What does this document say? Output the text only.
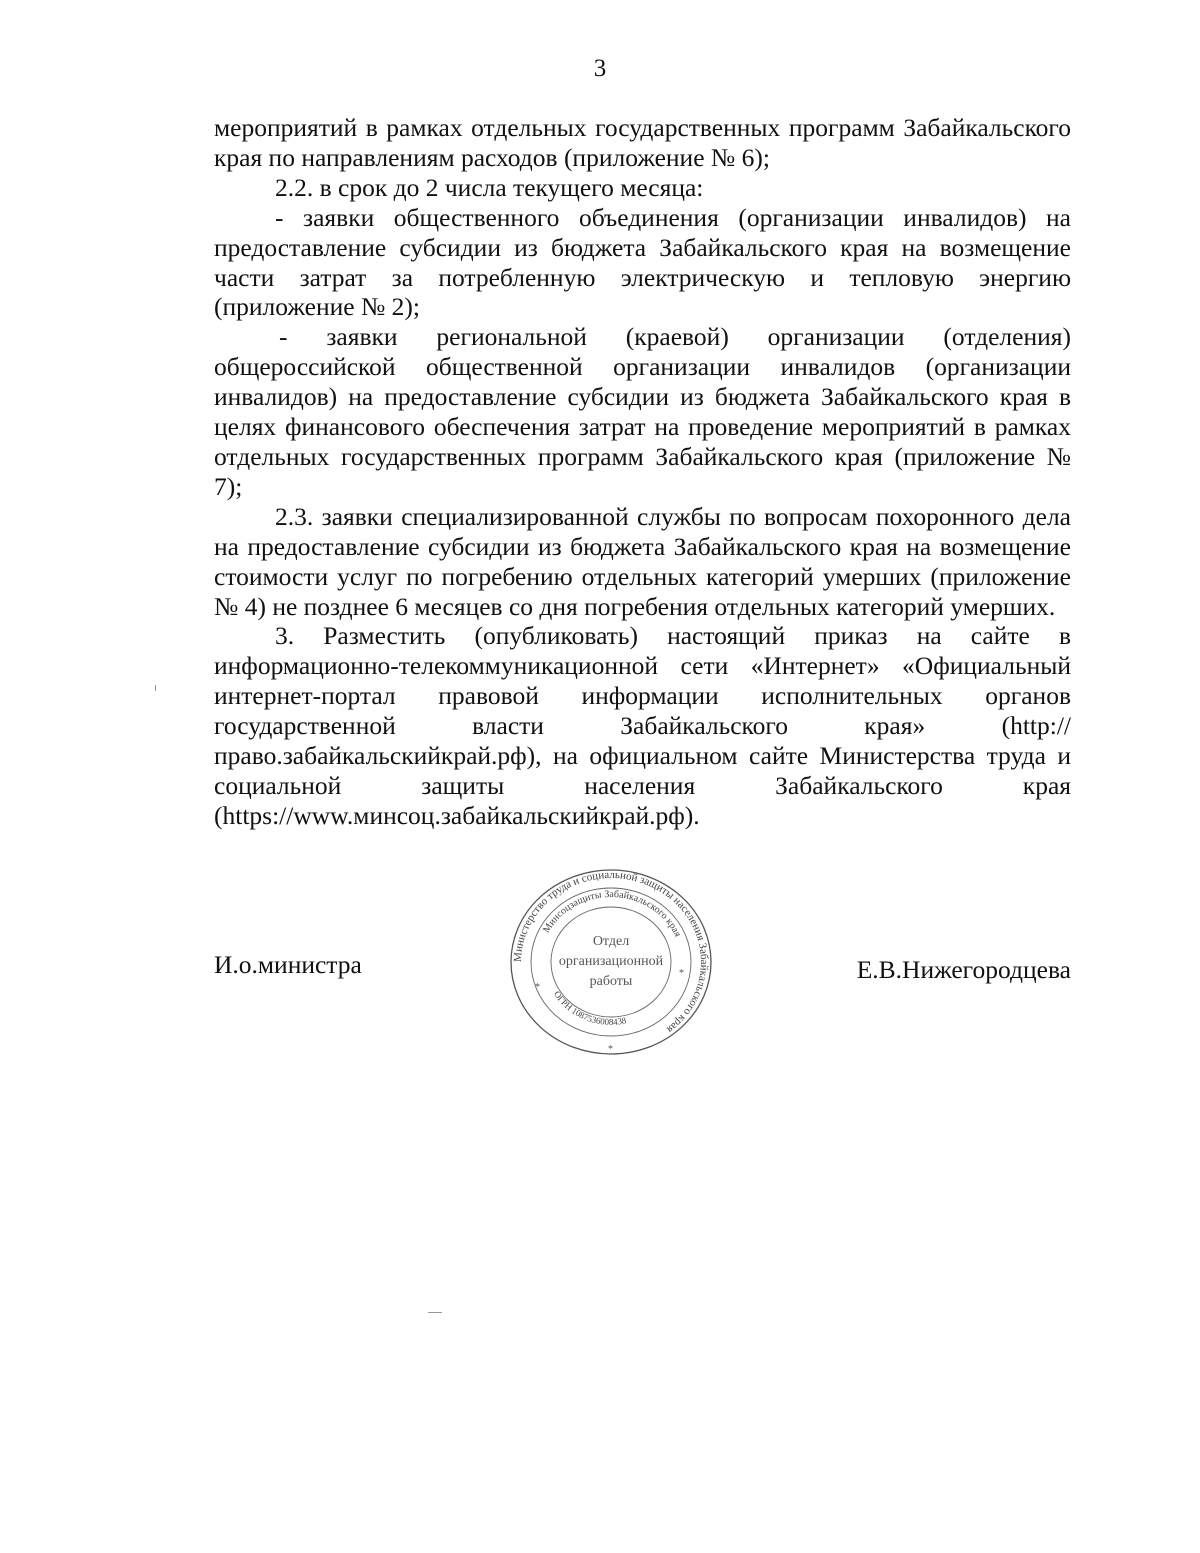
3

мероприятий в рамках отдельных государственных программ Забайкальского края по направлениям расходов (приложение № 6);

2.2. в срок до 2 числа текущего месяца:

- заявки общественного объединения (организации инвалидов) на предоставление субсидии из бюджета Забайкальского края на возмещение части затрат за потребленную электрическую и тепловую энергию (приложение № 2);

- заявки региональной (краевой) организации (отделения) общероссийской общественной организации инвалидов (организации инвалидов) на предоставление субсидии из бюджета Забайкальского края в целях финансового обеспечения затрат на проведение мероприятий в рамках отдельных государственных программ Забайкальского края (приложение № 7);

2.3. заявки специализированной службы по вопросам похоронного дела на предоставление субсидии из бюджета Забайкальского края на возмещение стоимости услуг по погребению отдельных категорий умерших (приложение № 4) не позднее 6 месяцев со дня погребения отдельных категорий умерших.

3. Разместить (опубликовать) настоящий приказ на сайте в информационно-телекоммуникационной сети «Интернет» «Официальный интернет-портал правовой информации исполнительных органов государственной власти Забайкальского края» (http://право.забайкальскийкрай.рф), на официальном сайте Министерства труда и социальной защиты населения Забайкальского края (https://www.минсоц.забайкальскийкрай.рф).

И.о.министра	Е.В.Нижегородцева
Министерство труда и социальной защиты населения Забайкальского края
Минсоцзащиты Забайкальского края
ОГРН 1087536008438
Отдел
организационной
работы
*
*
*
